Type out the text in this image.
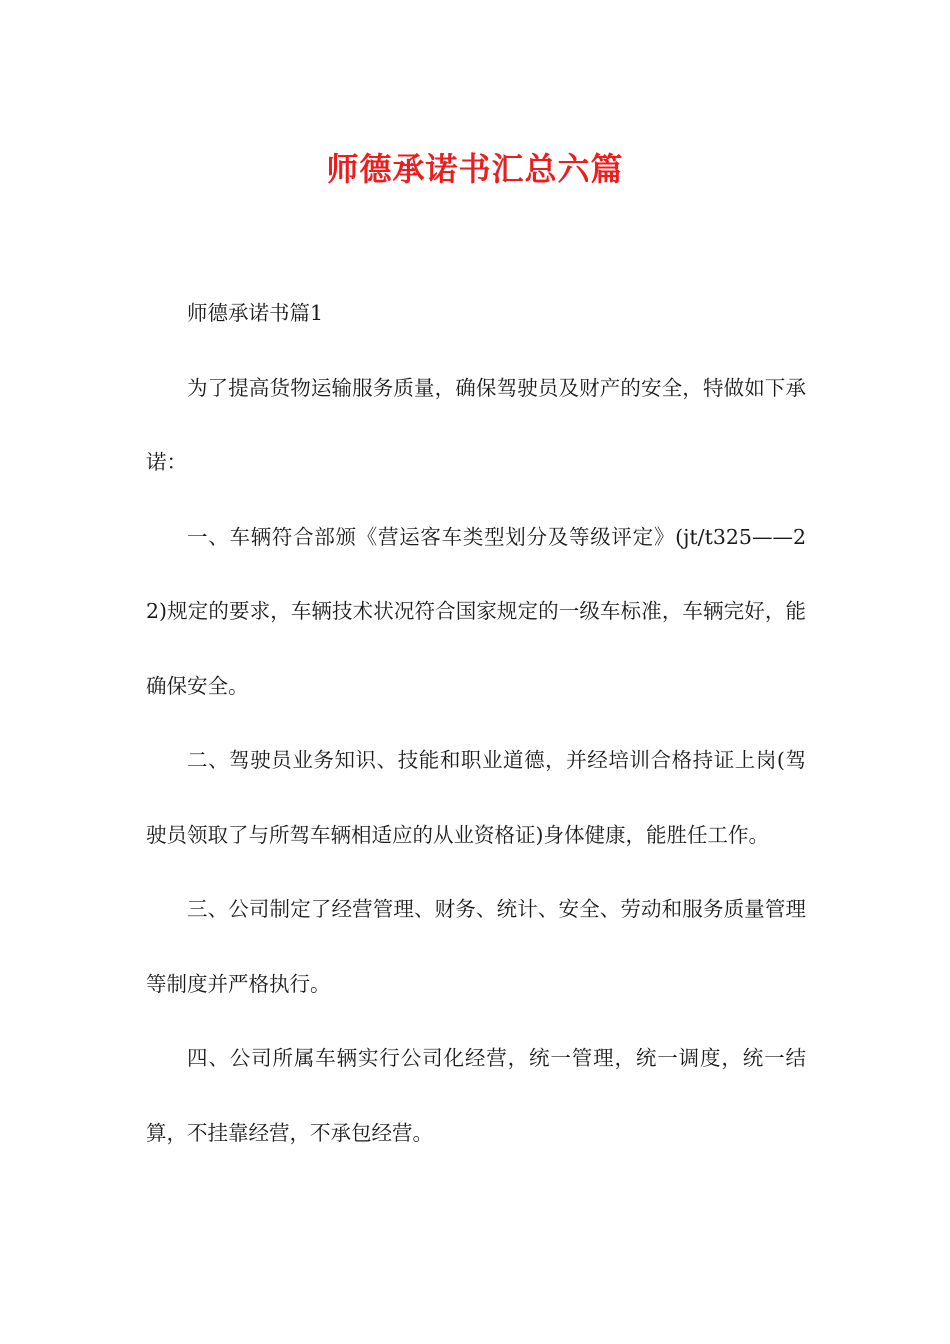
师德承诺书汇总六篇

师德承诺书篇1

为了提高货物运输服务质量，确保驾驶员及财产的安全，特做如下承诺：

一、车辆符合部颁《营运客车类型划分及等级评定》(jt/t325——22)规定的要求，车辆技术状况符合国家规定的一级车标准，车辆完好，能确保安全。

二、驾驶员业务知识、技能和职业道德，并经培训合格持证上岗(驾驶员领取了与所驾车辆相适应的从业资格证)身体健康，能胜任工作。

三、公司制定了经营管理、财务、统计、安全、劳动和服务质量管理等制度并严格执行。

四、公司所属车辆实行公司化经营，统一管理，统一调度，统一结算，不挂靠经营，不承包经营。
